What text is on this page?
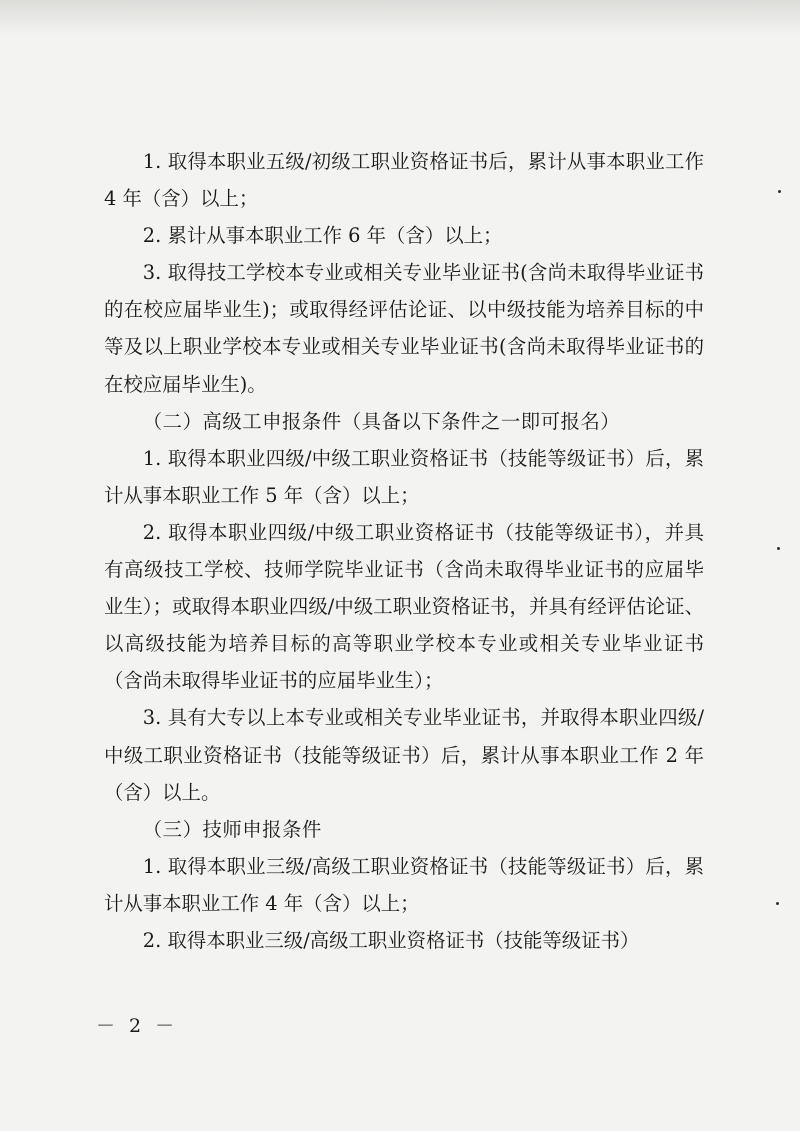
1. 取得本职业五级/初级工职业资格证书后，累计从事本职业工作 4 年（含）以上；

2. 累计从事本职业工作 6 年（含）以上；

3. 取得技工学校本专业或相关专业毕业证书(含尚未取得毕业证书的在校应届毕业生)；或取得经评估论证、以中级技能为培养目标的中等及以上职业学校本专业或相关专业毕业证书(含尚未取得毕业证书的在校应届毕业生)。

（二）高级工申报条件（具备以下条件之一即可报名）

1. 取得本职业四级/中级工职业资格证书（技能等级证书）后，累计从事本职业工作 5 年（含）以上；

2. 取得本职业四级/中级工职业资格证书（技能等级证书），并具有高级技工学校、技师学院毕业证书（含尚未取得毕业证书的应届毕业生）；或取得本职业四级/中级工职业资格证书，并具有经评估论证、以高级技能为培养目标的高等职业学校本专业或相关专业毕业证书（含尚未取得毕业证书的应届毕业生）；

3. 具有大专以上本专业或相关专业毕业证书，并取得本职业四级/中级工职业资格证书（技能等级证书）后，累计从事本职业工作 2 年（含）以上。

（三）技师申报条件

1. 取得本职业三级/高级工职业资格证书（技能等级证书）后，累计从事本职业工作 4 年（含）以上；

2. 取得本职业三级/高级工职业资格证书（技能等级证书）

－ 2 －
